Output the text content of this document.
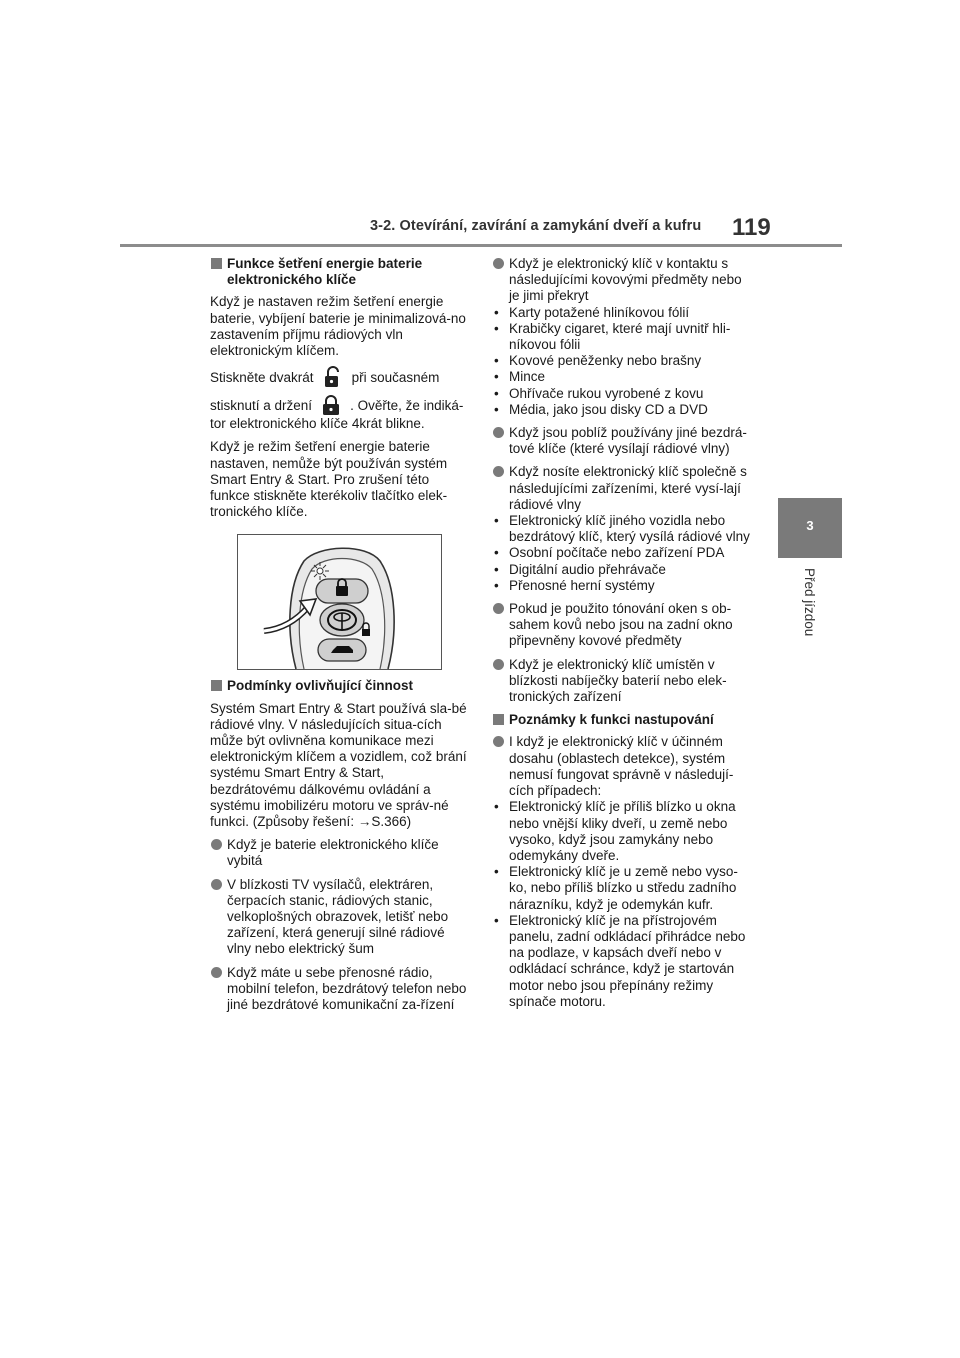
3-2. Otevírání, zavírání a zamykání dveří a kufru 119
3
Před jízdou
Funkce šetření energie baterie elektronického klíče
Když je nastaven režim šetření energie baterie, vybíjení baterie je minimalizová-no zastavením příjmu rádiových vln elektronickým klíčem.
Stiskněte dvakrát	při současném
stisknutí a držení	. Ověřte, že indiká-tor elektronického klíče 4krát blikne.
Když je režim šetření energie baterie nastaven, nemůže být používán systém Smart Entry & Start. Pro zrušení této funkce stiskněte kterékoliv tlačítko elek-tronického klíče.
Podmínky ovlivňující činnost
Systém Smart Entry & Start používá sla-bé rádiové vlny. V následujících situa-cích může být ovlivněna komunikace mezi elektronickým klíčem a vozidlem, což brání systému Smart Entry & Start, bezdrátovému dálkovému ovládání a systému imobilizéru motoru ve správ-né funkci. (Způsoby řešení: →S.366)
Když je baterie elektronického klíče vybitá
V blízkosti TV vysílačů, elektráren, čerpacích stanic, rádiových stanic, velkoplošných obrazovek, letišť nebo zařízení, která generují silné rádiové vlny nebo elektrický šum
Když máte u sebe přenosné rádio, mobilní telefon, bezdrátový telefon nebo jiné bezdrátové komunikační za-řízení
Když je elektronický klíč v kontaktu s následujícími kovovými předměty nebo je jimi překryt
• Karty potažené hliníkovou fólií
• Krabičky cigaret, které mají uvnitř hli-níkovou fólii
• Kovové peněženky nebo brašny
• Mince
• Ohřívače rukou vyrobené z kovu
• Média, jako jsou disky CD a DVD
Když jsou poblíž používány jiné bezdrá-tové klíče (které vysílají rádiové vlny)
Když nosíte elektronický klíč společně s následujícími zařízeními, které vysí-lají rádiové vlny
• Elektronický klíč jiného vozidla nebo bezdrátový klíč, který vysílá rádiové vlny
• Osobní počítače nebo zařízení PDA
• Digitální audio přehrávače
• Přenosné herní systémy
Pokud je použito tónování oken s ob-sahem kovů nebo jsou na zadní okno připevněny kovové předměty
Když je elektronický klíč umístěn v blízkosti nabíječky baterií nebo elek-tronických zařízení
Poznámky k funkci nastupování
I když je elektronický klíč v účinném dosahu (oblastech detekce), systém nemusí fungovat správně v následují-cích případech:
• Elektronický klíč je příliš blízko u okna nebo vnější kliky dveří, u země nebo vysoko, když jsou zamykány nebo odemykány dveře.
• Elektronický klíč je u země nebo vyso-ko, nebo příliš blízko u středu zadního nárazníku, když je odemykán kufr.
• Elektronický klíč je na přístrojovém panelu, zadní odkládací přihrádce nebo na podlaze, v kapsách dveří nebo v odkládací schránce, když je startován motor nebo jsou přepínány režimy spínače motoru.
